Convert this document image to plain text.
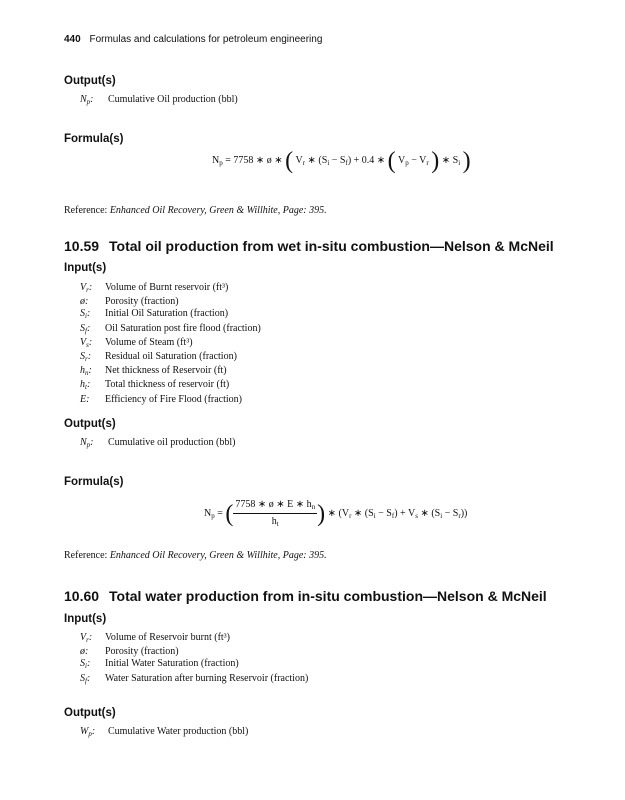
440 Formulas and calculations for petroleum engineering
Output(s)
$N_p$: Cumulative Oil production (bbl)
Formula(s)
$N_p = 7758$ ∗ ø ∗ ( $V_r$ ∗ $(S_i - S_f) + 0.4$ ∗ ( $V_p - V_r$ ) ∗ $S_i$ )
Reference: Enhanced Oil Recovery, Green & Willhite, Page: 395.
10.59 Total oil production from wet in-situ combustion—Nelson & McNeil
Input(s)
$V_r$: Volume of Burnt reservoir (ft³)
ø: Porosity (fraction)
$S_i$: Initial Oil Saturation (fraction)
$S_f$: Oil Saturation post fire flood (fraction)
$V_s$: Volume of Steam (ft³)
$S_r$: Residual oil Saturation (fraction)
$h_n$: Net thickness of Reservoir (ft)
$h_t$: Total thickness of reservoir (ft)
E: Efficiency of Fire Flood (fraction)
Output(s)
$N_p$: Cumulative oil production (bbl)
Formula(s)
$N_p$ = ( $\frac{7758 ∗ ø ∗ E ∗ h_n}{h_t}$ ) ∗ ($V_r$ ∗ $(S_i - S_f) + V_s$ ∗ $(S_i - S_r)$)
Reference: Enhanced Oil Recovery, Green & Willhite, Page: 395.
10.60 Total water production from in-situ combustion—Nelson & McNeil
Input(s)
$V_r$: Volume of Reservoir burnt (ft³)
ø: Porosity (fraction)
$S_i$: Initial Water Saturation (fraction)
$S_f$: Water Saturation after burning Reservoir (fraction)
Output(s)
$W_p$: Cumulative Water production (bbl)
